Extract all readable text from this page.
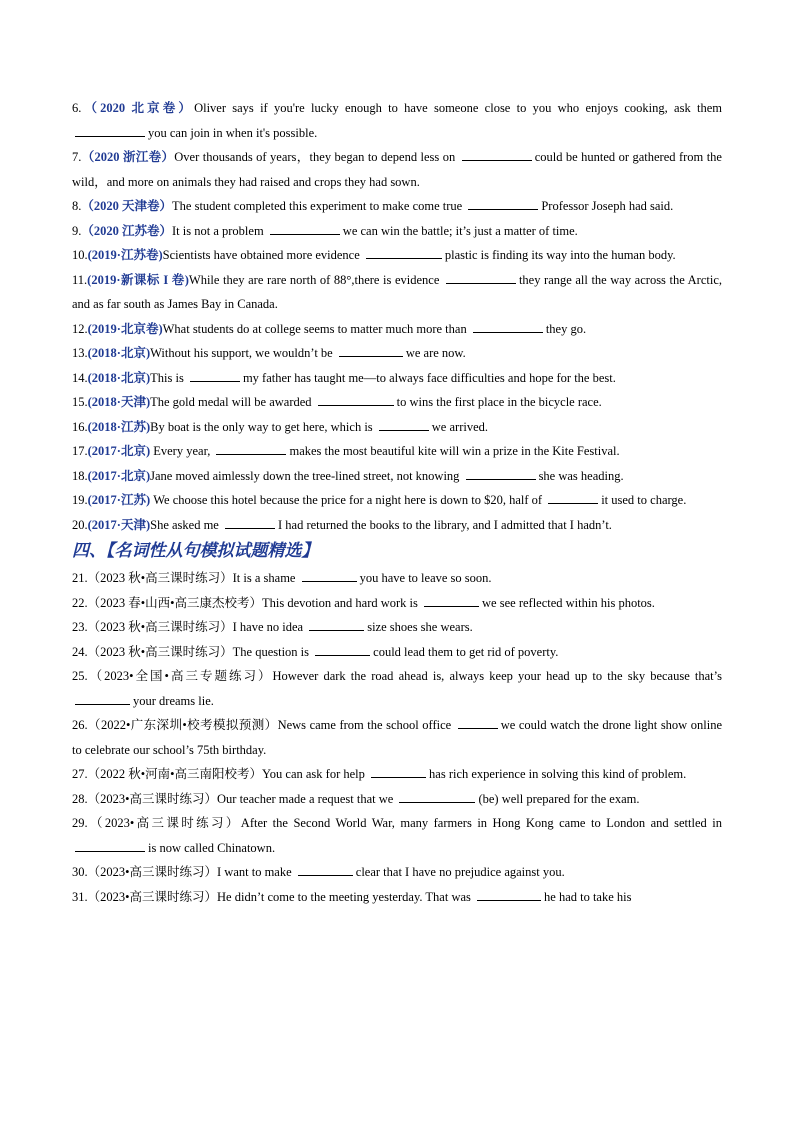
6.（2020 北京卷）Oliver says if you're lucky enough to have someone close to you who enjoys cooking, ask them you can join in when it's possible.
7.（2020 浙江卷）Over thousands of years，they began to depend less on	could be hunted or gathered from the wild，and more on animals they had raised and crops they had sown.
8.（2020 天津卷）The student completed this experiment to make come true	Professor Joseph had said.
9.（2020 江苏卷）It is not a problem	we can win the battle; it’s just a matter of time.
10.(2019·江苏卷)Scientists have obtained more evidence	plastic is finding its way into the human body.
11.(2019·新课标 I 卷)While they are rare north of 88°,there is evidence	they range all the way across the Arctic, and as far south as James Bay in Canada.
12.(2019·北京卷)What students do at college seems to matter much more than	they go.
13.(2018·北京)Without his support, we wouldn’t be	we are now.
14.(2018·北京)This is	my father has taught me—to always face difficulties and hope for the best.
15.(2018·天津)The gold medal will be awarded	to wins the first place in the bicycle race.
16.(2018·江苏)By boat is the only way to get here, which is	we arrived.
17.(2017·北京) Every year,	makes the most beautiful kite will win a prize in the Kite Festival.
18.(2017·北京)Jane moved aimlessly down the tree-lined street, not knowing	she was heading.
19.(2017·江苏) We choose this hotel because the price for a night here is down to $20, half of	it used to charge.
20.(2017·天津)She asked me	I had returned the books to the library, and I admitted that I hadn’t.
四、【名词性从句模拟试题精选】
21.（2023 秋•高三课时练习）It is a shame	you have to leave so soon.
22.（2023 春•山西•高三康杰校考）This devotion and hard work is	we see reflected within his photos.
23.（2023 秋•高三课时练习）I have no idea	size shoes she wears.
24.（2023 秋•高三课时练习）The question is	could lead them to get rid of poverty.
25.（2023•全国•高三专题练习）However dark the road ahead is, always keep your head up to the sky because that’s your dreams lie.
26.（2022•广东深圳•校考模拟预测）News came from the school office	we could watch the drone light show online to celebrate our school’s 75th birthday.
27.（2022 秋•河南•高三南阳校考）You can ask for help	has rich experience in solving this kind of problem.
28.（2023•高三课时练习）Our teacher made a request that we	(be) well prepared for the exam.
29.（2023•高三课时练习）After the Second World War, many farmers in Hong Kong came to London and settled in is now called Chinatown.
30.（2023•高三课时练习）I want to make	clear that I have no prejudice against you.
31.（2023•高三课时练习）He didn’t come to the meeting yesterday. That was	he had to take his
